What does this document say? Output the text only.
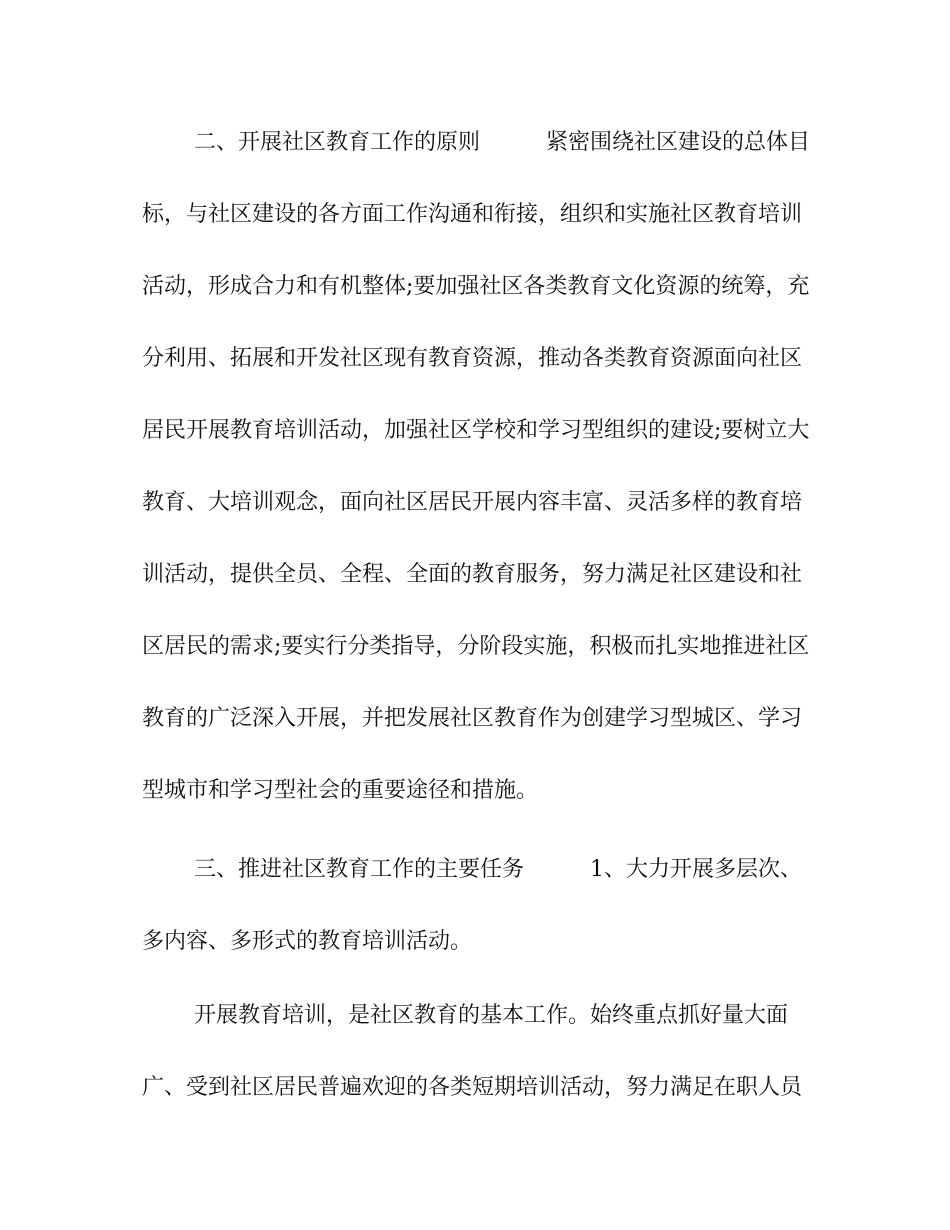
二、开展社区教育工作的原则　　　紧密围绕社区建设的总体目标，与社区建设的各方面工作沟通和衔接，组织和实施社区教育培训活动，形成合力和有机整体;要加强社区各类教育文化资源的统筹，充分利用、拓展和开发社区现有教育资源，推动各类教育资源面向社区居民开展教育培训活动，加强社区学校和学习型组织的建设;要树立大教育、大培训观念，面向社区居民开展内容丰富、灵活多样的教育培训活动，提供全员、全程、全面的教育服务，努力满足社区建设和社区居民的需求;要实行分类指导，分阶段实施，积极而扎实地推进社区教育的广泛深入开展，并把发展社区教育作为创建学习型城区、学习型城市和学习型社会的重要途径和措施。

三、推进社区教育工作的主要任务　　　1、大力开展多层次、多内容、多形式的教育培训活动。

开展教育培训，是社区教育的基本工作。始终重点抓好量大面广、受到社区居民普遍欢迎的各类短期培训活动，努力满足在职人员
